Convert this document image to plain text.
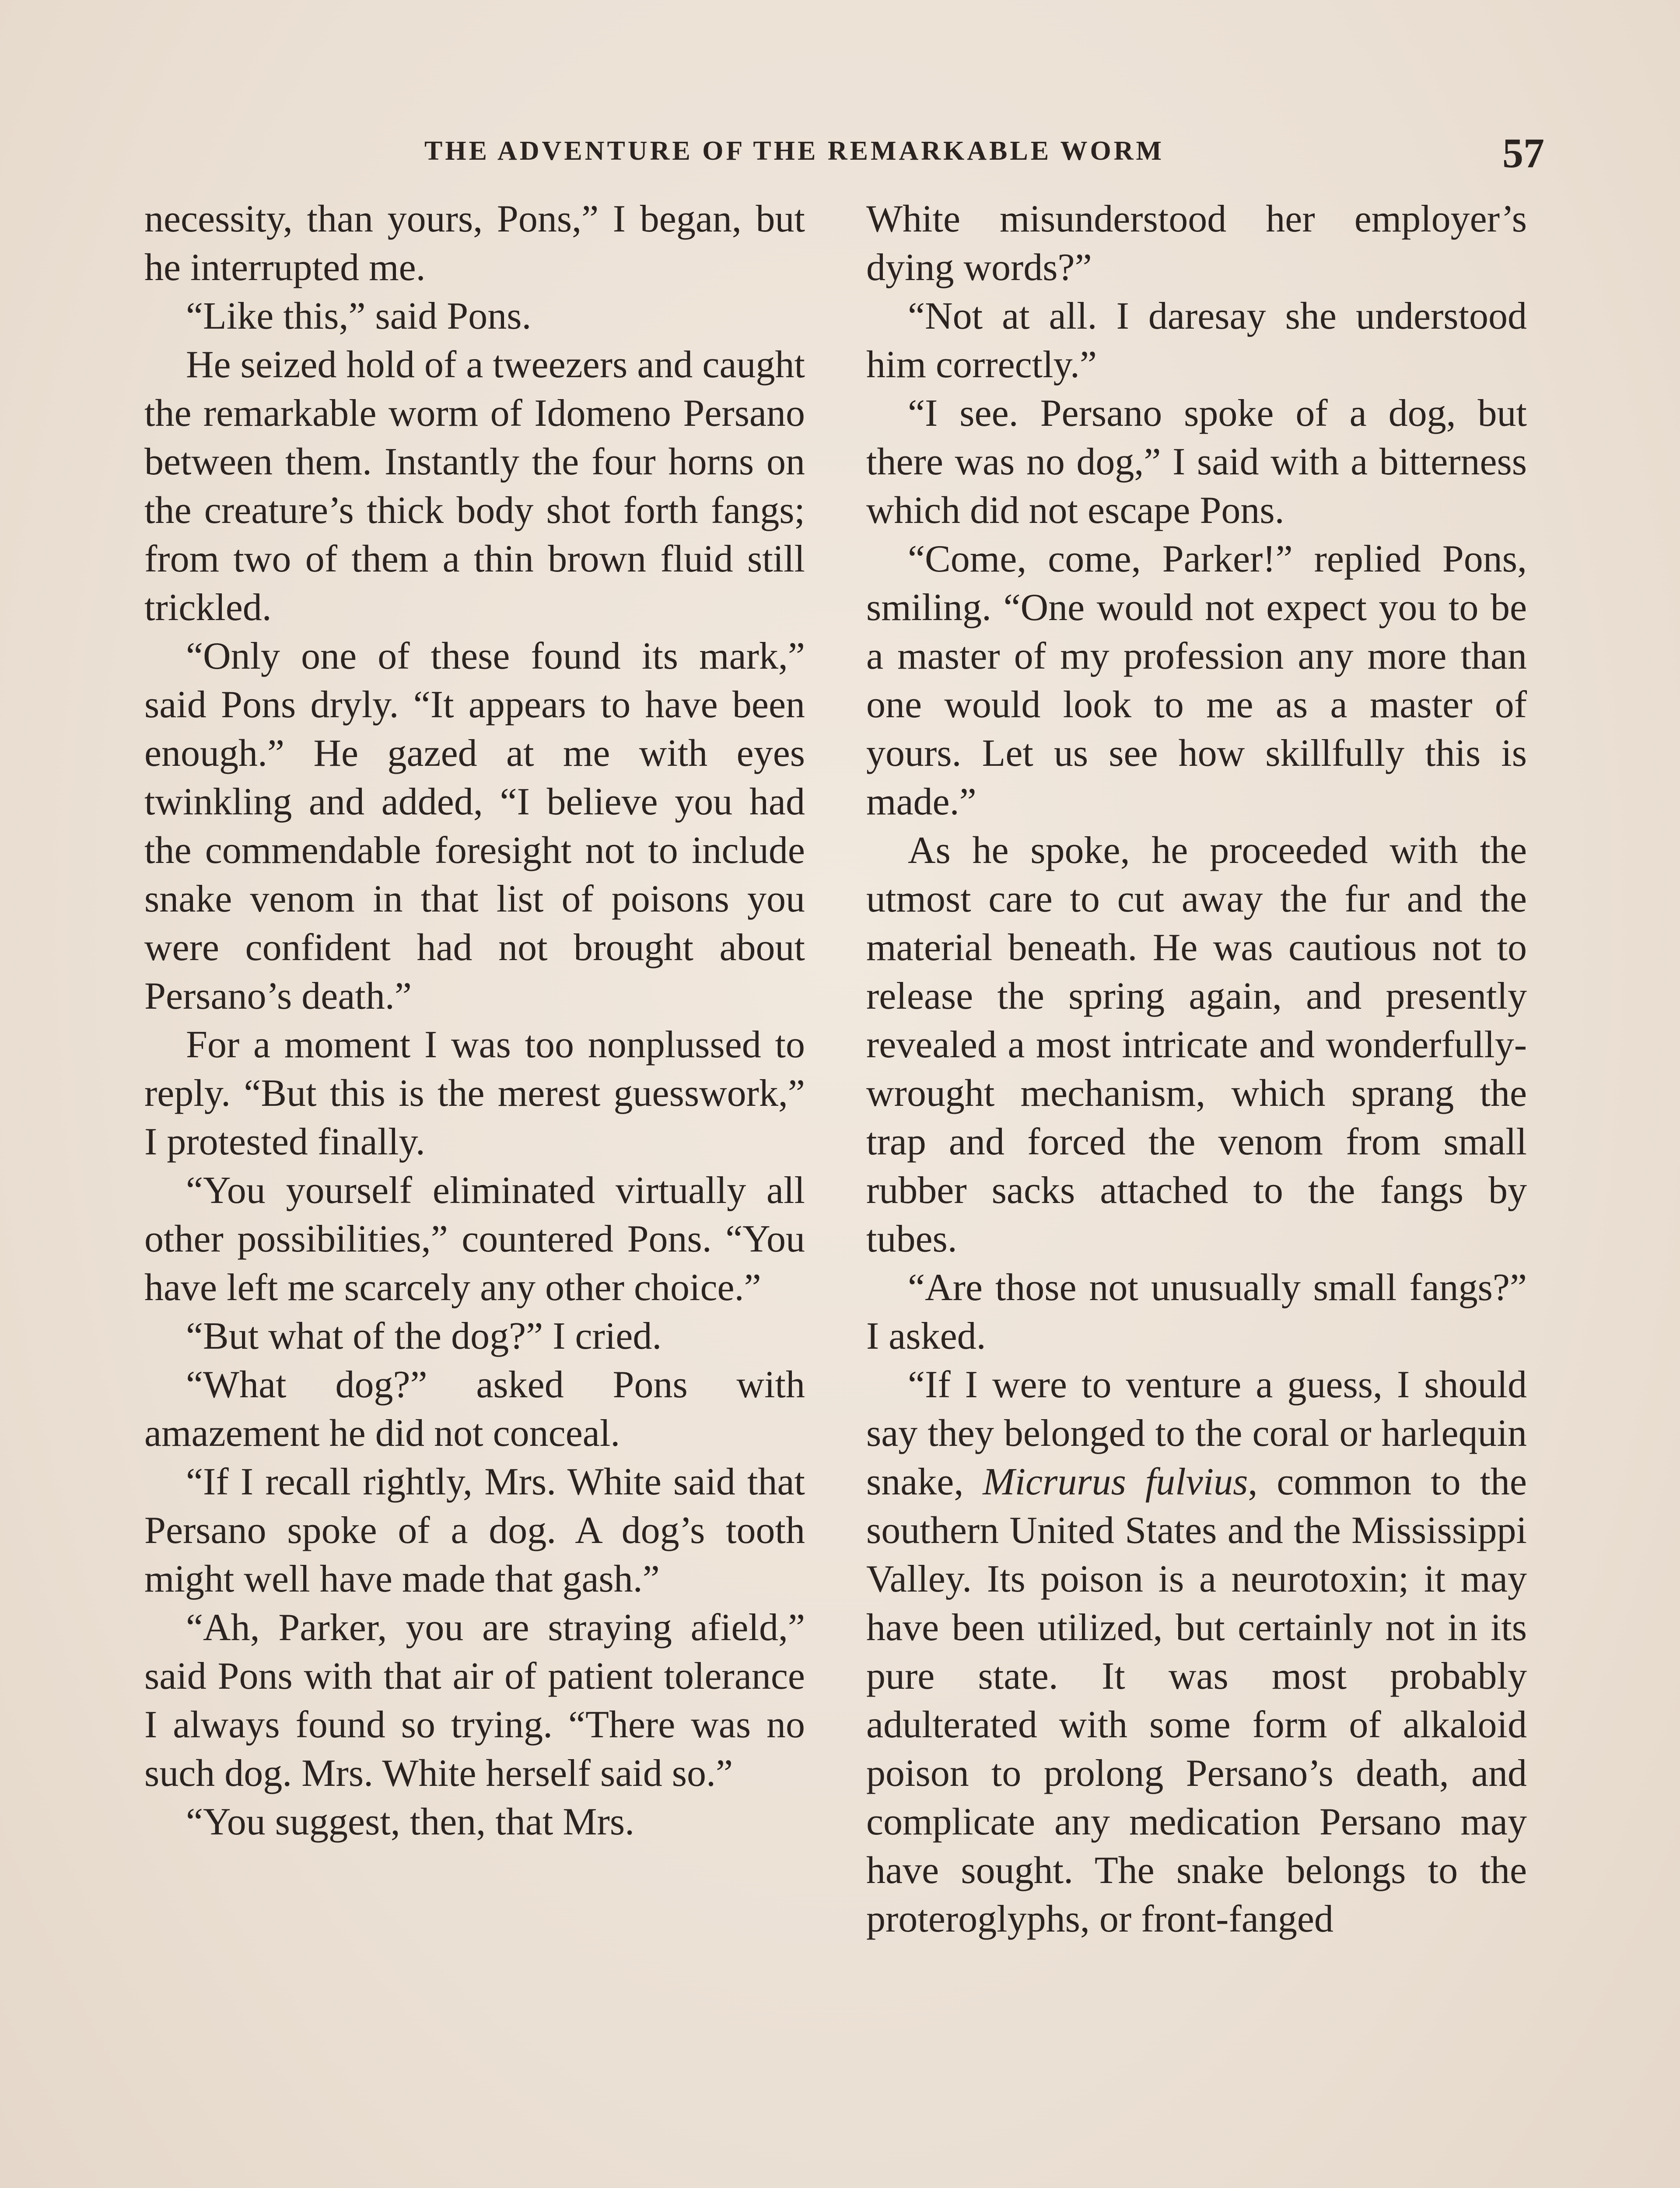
THE ADVENTURE OF THE REMARKABLE WORM	57

necessity, than yours, Pons,” I began, but he interrupted me.

“Like this,” said Pons.

He seized hold of a tweezers and caught the remarkable worm of Idomeno Persano between them. Instantly the four horns on the creature’s thick body shot forth fangs; from two of them a thin brown fluid still trickled.

“Only one of these found its mark,” said Pons dryly. “It appears to have been enough.” He gazed at me with eyes twinkling and added, “I believe you had the commendable foresight not to include snake venom in that list of poisons you were confident had not brought about Persano’s death.”

For a moment I was too nonplussed to reply. “But this is the merest guesswork,” I protested finally.

“You yourself eliminated virtually all other possibilities,” countered Pons. “You have left me scarcely any other choice.”

“But what of the dog?” I cried.

“What dog?” asked Pons with amazement he did not conceal.

“If I recall rightly, Mrs. White said that Persano spoke of a dog. A dog’s tooth might well have made that gash.”

“Ah, Parker, you are straying afield,” said Pons with that air of patient tolerance I always found so trying. “There was no such dog. Mrs. White herself said so.”

“You suggest, then, that Mrs.

White misunderstood her employer’s dying words?”

“Not at all. I daresay she understood him correctly.”

“I see. Persano spoke of a dog, but there was no dog,” I said with a bitterness which did not escape Pons.

“Come, come, Parker!” replied Pons, smiling. “One would not expect you to be a master of my profession any more than one would look to me as a master of yours. Let us see how skillfully this is made.”

As he spoke, he proceeded with the utmost care to cut away the fur and the material beneath. He was cautious not to release the spring again, and presently revealed a most intricate and wonderfully-wrought mechanism, which sprang the trap and forced the venom from small rubber sacks attached to the fangs by tubes.

“Are those not unusually small fangs?” I asked.

“If I were to venture a guess, I should say they belonged to the coral or harlequin snake, Micrurus fulvius, common to the southern United States and the Mississippi Valley. Its poison is a neurotoxin; it may have been utilized, but certainly not in its pure state. It was most probably adulterated with some form of alkaloid poison to prolong Persano’s death, and complicate any medication Persano may have sought. The snake belongs to the proteroglyphs, or front-fanged
